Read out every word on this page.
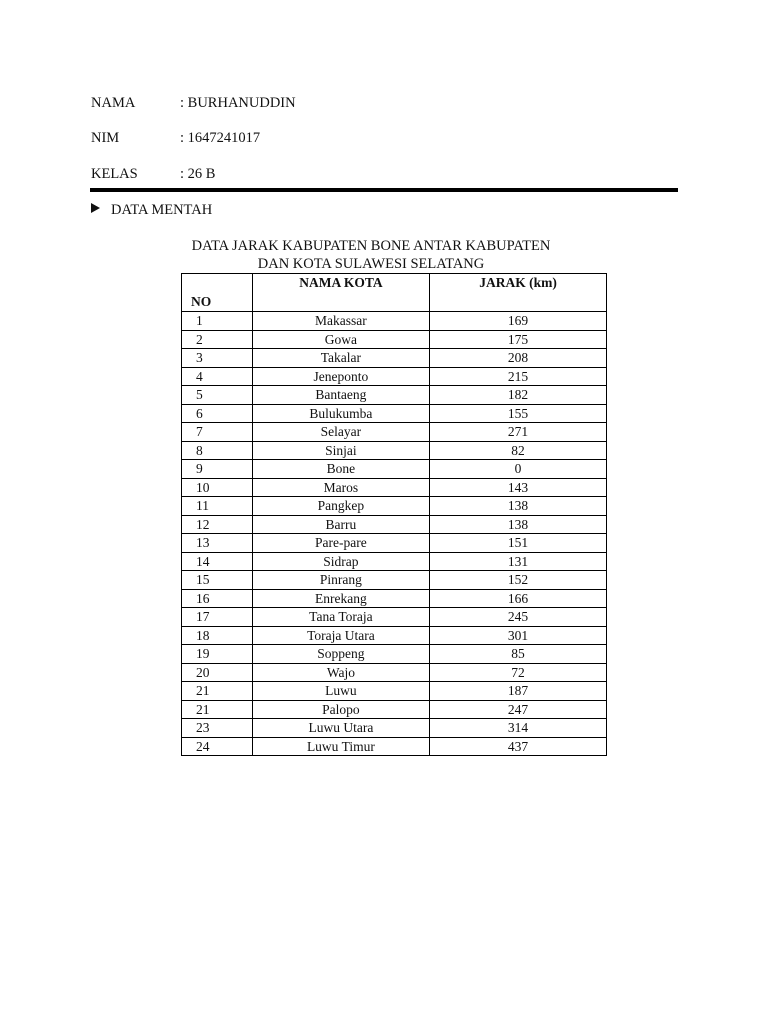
NAMA	: BURHANUDDIN
NIM	: 1647241017
KELAS	: 26 B
DATA MENTAH
DATA JARAK KABUPATEN BONE ANTAR KABUPATEN
DAN KOTA SULAWESI SELATANG
NO	NAMA KOTA	JARAK (km)
1	Makassar	169
2	Gowa	175
3	Takalar	208
4	Jeneponto	215
5	Bantaeng	182
6	Bulukumba	155
7	Selayar	271
8	Sinjai	82
9	Bone	0
10	Maros	143
11	Pangkep	138
12	Barru	138
13	Pare-pare	151
14	Sidrap	131
15	Pinrang	152
16	Enrekang	166
17	Tana Toraja	245
18	Toraja Utara	301
19	Soppeng	85
20	Wajo	72
21	Luwu	187
21	Palopo	247
23	Luwu Utara	314
24	Luwu Timur	437
